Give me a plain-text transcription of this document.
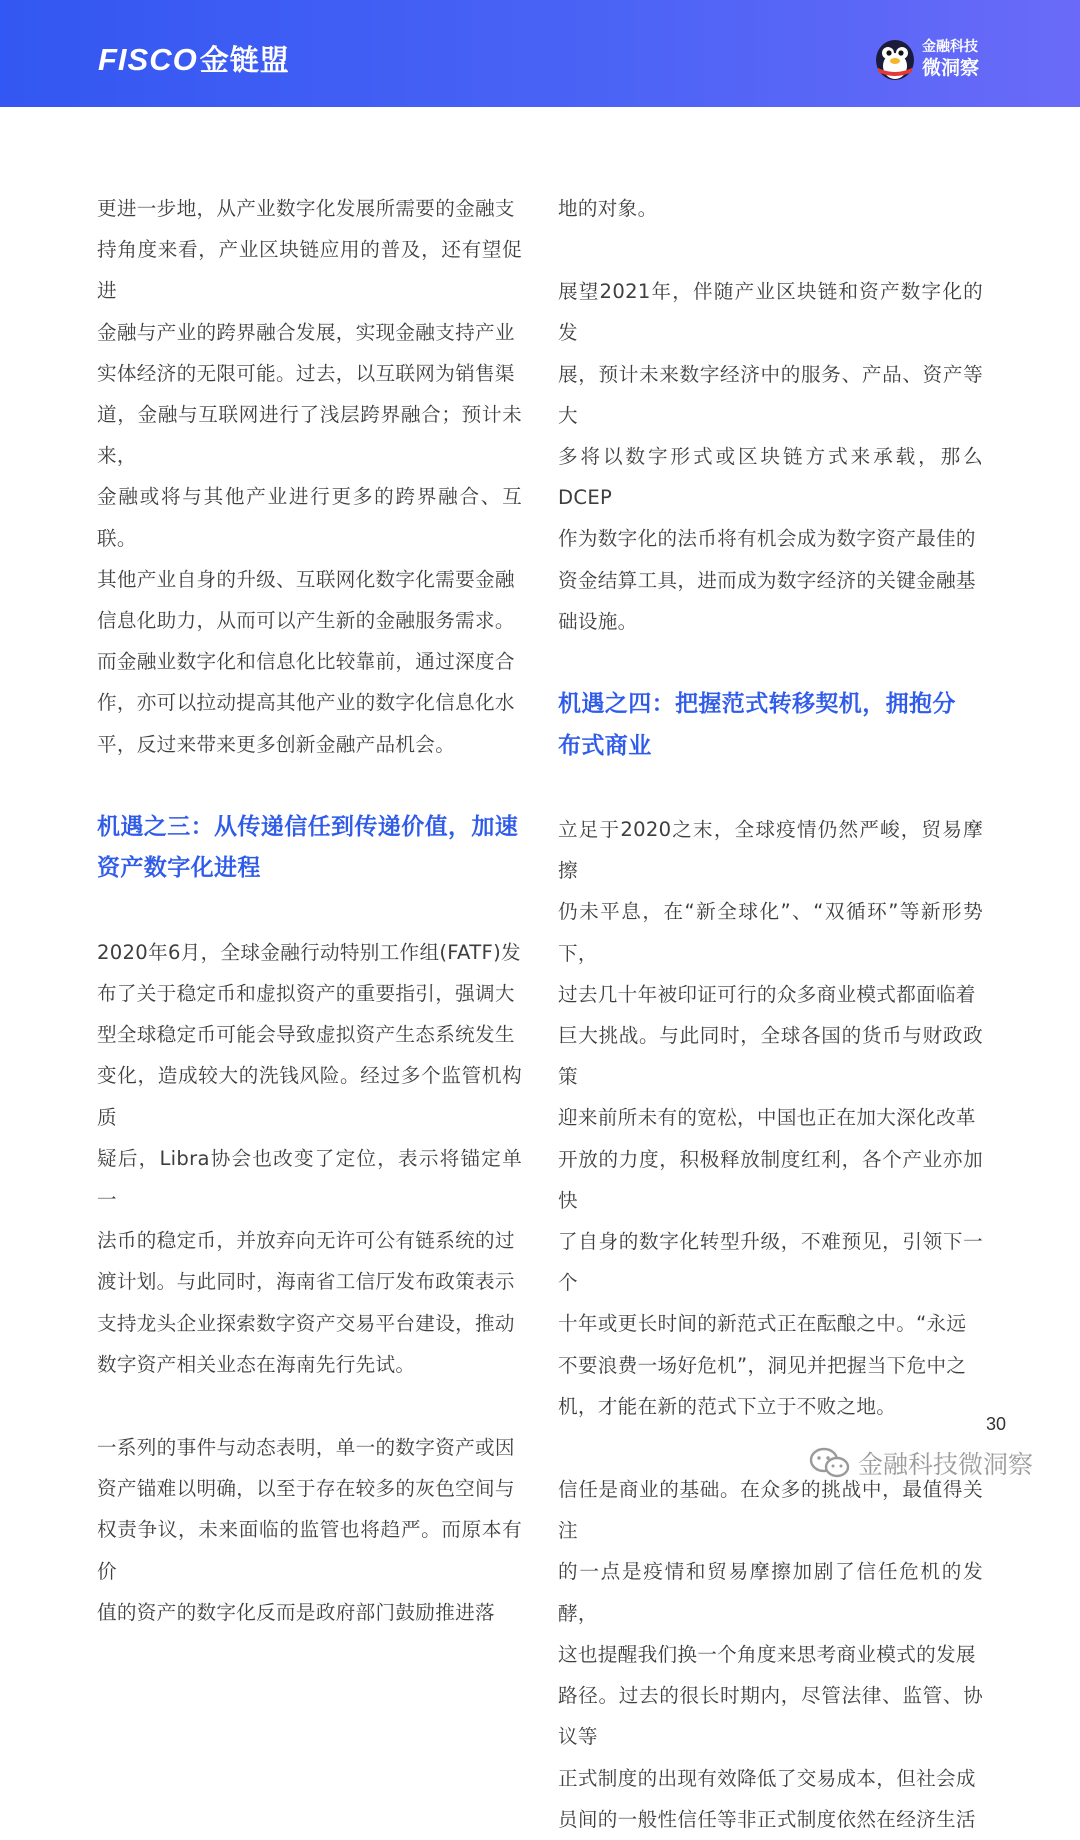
FISCO金链盟	金融科技
微洞察

更进一步地，从产业数字化发展所需要的金融支
持角度来看，产业区块链应用的普及，还有望促进
金融与产业的跨界融合发展，实现金融支持产业
实体经济的无限可能。过去，以互联网为销售渠
道，金融与互联网进行了浅层跨界融合；预计未来，
金融或将与其他产业进行更多的跨界融合、互联。
其他产业自身的升级、互联网化数字化需要金融
信息化助力，从而可以产生新的金融服务需求。
而金融业数字化和信息化比较靠前，通过深度合
作，亦可以拉动提高其他产业的数字化信息化水
平，反过来带来更多创新金融产品机会。

机遇之三：从传递信任到传递价值，加速
资产数字化进程

2020年6月，全球金融行动特别工作组(FATF)发
布了关于稳定币和虚拟资产的重要指引，强调大
型全球稳定币可能会导致虚拟资产生态系统发生
变化，造成较大的洗钱风险。经过多个监管机构质
疑后，Libra协会也改变了定位，表示将锚定单一
法币的稳定币，并放弃向无许可公有链系统的过
渡计划。与此同时，海南省工信厅发布政策表示
支持龙头企业探索数字资产交易平台建设，推动
数字资产相关业态在海南先行先试。

一系列的事件与动态表明，单一的数字资产或因
资产锚难以明确，以至于存在较多的灰色空间与
权责争议，未来面临的监管也将趋严。而原本有价
值的资产的数字化反而是政府部门鼓励推进落

地的对象。

展望2021年，伴随产业区块链和资产数字化的发
展，预计未来数字经济中的服务、产品、资产等大
多将以数字形式或区块链方式来承载，那么DCEP
作为数字化的法币将有机会成为数字资产最佳的
资金结算工具，进而成为数字经济的关键金融基
础设施。

机遇之四：把握范式转移契机，拥抱分
布式商业

立足于2020之末，全球疫情仍然严峻，贸易摩擦
仍未平息，在“新全球化”、“双循环”等新形势下，
过去几十年被印证可行的众多商业模式都面临着
巨大挑战。与此同时，全球各国的货币与财政政策
迎来前所未有的宽松，中国也正在加大深化改革
开放的力度，积极释放制度红利，各个产业亦加快
了自身的数字化转型升级，不难预见，引领下一个
十年或更长时间的新范式正在酝酿之中。“永远
不要浪费一场好危机”，洞见并把握当下危中之
机，才能在新的范式下立于不败之地。

信任是商业的基础。在众多的挑战中，最值得关注
的一点是疫情和贸易摩擦加剧了信任危机的发酵，
这也提醒我们换一个角度来思考商业模式的发展
路径。过去的很长时期内，尽管法律、监管、协议等
正式制度的出现有效降低了交易成本，但社会成
员间的一般性信任等非正式制度依然在经济生活

30
金融科技微洞察
